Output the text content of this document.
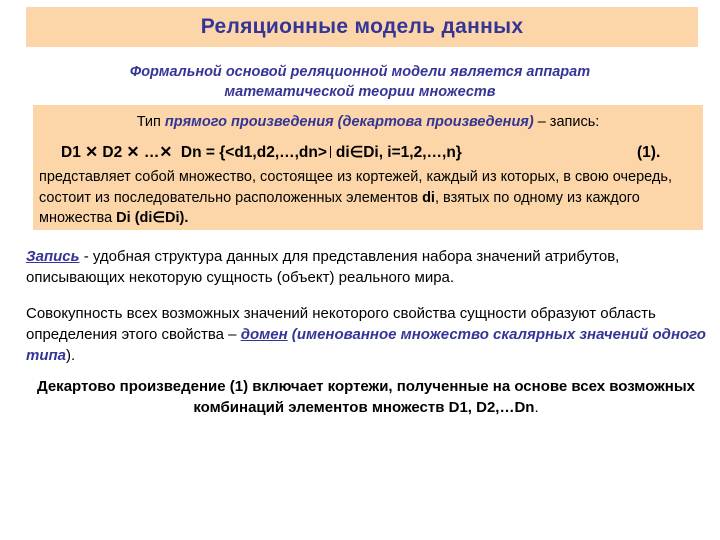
Реляционные модель данных
Формальной основой реляционной модели является аппарат
математической теории множеств
Тип прямого произведения (декартова произведения) – запись:
D1 ✕ D2 ✕ …✕  Dn = {<d1,d2,…,dn> di∈Di, i=1,2,…,n}	(1).
представляет собой множество, состоящее из кортежей, каждый из которых, в свою очередь, состоит из последовательно расположенных элементов di, взятых по одному из каждого множества Di (di∈Di).
Запись - удобная структура данных для представления набора значений атрибутов, описывающих некоторую сущность (объект) реального мира.
Совокупность всех возможных значений некоторого свойства сущности образуют область определения этого свойства – домен (именованное множество скалярных значений одного типа).
Декартово произведение (1) включает кортежи, полученные на основе всех возможных комбинаций элементов множеств D1, D2,…Dn.
